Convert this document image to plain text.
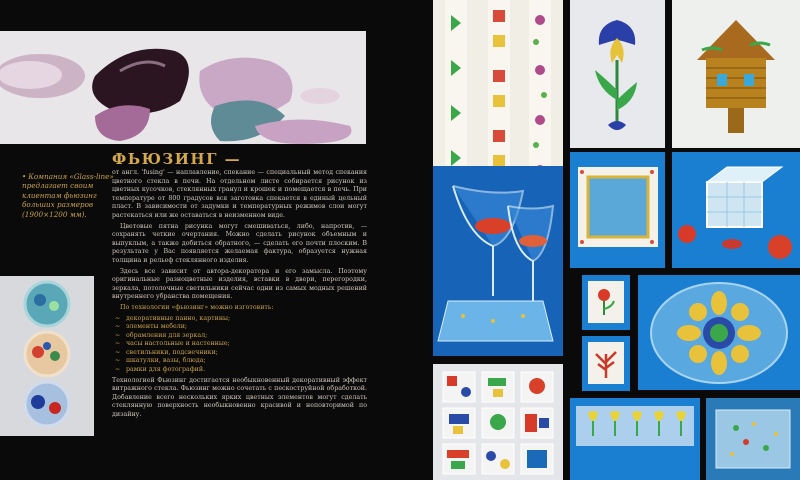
• Компания «Glass-line» предлагает своим клиентам фьюзинг больших размеров (1900×1200 мм).
ФЬЮЗИНГ —

от англ. 'fusing' — наплавление, спекание — специальный метод спекания цветного стекла в печи. На отдельном листе собирается рисунок из цветных кусочков, стеклянных гранул и крошек и помещается в печь. При температуре от 800 градусов вся заготовка спекается в единый цельный пласт. В зависимости от задумки и температурных режимов слои могут растекаться или же оставаться в неизменном виде.

Цветовые пятна рисунка могут смешиваться, либо, напротив, — сохранять четкие очертания. Можно сделать рисунок объемным и выпуклым, а также добиться обратного, — сделать его почти плоским. В результате у Вас появляется желаемая фактура, образуется нужная толщина и рельеф стеклянного изделия.

Здесь все зависит от автора-декоратора и его замысла. Поэтому оригинальные разноцветные изделия, вставки в двери, перегородки, зеркала, потолочные светильники сейчас одни из самых модных решений внутреннего убранства помещения.

По технологии «фьюзинг» можно изготовить:

~ декоративные панно, картины;
~ элементы мебели;
~ обрамления для зеркал;
~ часы настольные и настенные;
~ светильники, подсвечники;
~ шкатулки, вазы, блюда;
~ рамки для фотографий.

Технологией Фьюзинг достигается необыкновенный декоративный эффект витражного стекла. Фьюзинг можно сочетать с пескоструйной обработкой. Добавление всего нескольких ярких цветных элементов могут сделать стеклянную поверхность необыкновенно красивой и неповторимой по дизайну.
